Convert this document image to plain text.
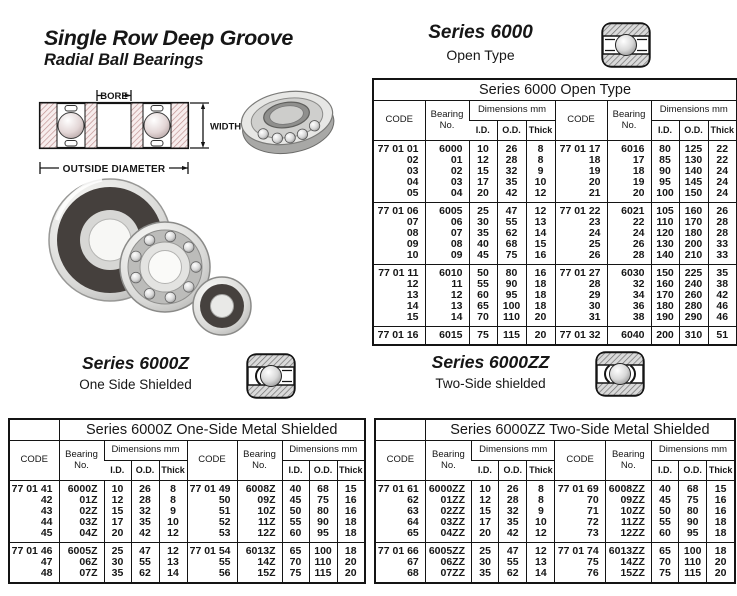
Single Row Deep Groove
Radial Ball Bearings
Series 6000
Open Type
BORE
WIDTH
OUTSIDE DIAMETER
Series 6000Z
One Side Shielded
Series 6000ZZ
Two-Side shielded
Series 6000 Open Type									
CODE	Bearing
No.
	Dimensions mm	CODE	Bearing
No.
	Dimensions mm
		I.D.	O.D.	Thick			I.D.	O.D.	Thick
77 01 01	6000	10	26	8	77 01 17	6016	80	125	22
02	01	12	28	8	18	17	85	130	22
03	02	15	32	9	19	18	90	140	24
04	03	17	35	10	20	19	95	145	24
05	04	20	42	12	21	20	100	150	24
77 01 06	6005	25	47	12	77 01 22	6021	105	160	26
07	06	30	55	13	23	22	110	170	28
08	07	35	62	14	24	24	120	180	28
09	08	40	68	15	25	26	130	200	33
10	09	45	75	16	26	28	140	210	33
77 01 11	6010	50	80	16	77 01 27	6030	150	225	35
12	11	55	90	18	28	32	160	240	38
13	12	60	95	18	29	34	170	260	42
14	13	65	100	18	30	36	180	280	46
15	14	70	110	20	31	38	190	290	46
77 01 16	6015	75	115	20	77 01 32	6040	200	310	51
	Series 6000Z One-Side Metal Shielded								
CODE	Bearing
No.
	Dimensions mm	CODE	Bearing
No.
	Dimensions mm
		I.D.	O.D.	Thick			I.D.	O.D.	Thick
77 01 41	6000Z	10	26	8	77 01 49	6008Z	40	68	15
42	01Z	12	28	8	50	09Z	45	75	16
43	02Z	15	32	9	51	10Z	50	80	16
44	03Z	17	35	10	52	11Z	55	90	18
45	04Z	20	42	12	53	12Z	60	95	18
77 01 46	6005Z	25	47	12	77 01 54	6013Z	65	100	18
47	06Z	30	55	13	55	14Z	70	110	20
48	07Z	35	62	14	56	15Z	75	115	20
	Series 6000ZZ Two-Side Metal Shielded								
CODE	Bearing
No.
	Dimensions mm	CODE	Bearing
No.
	Dimensions mm
		I.D.	O.D.	Thick			I.D.	O.D.	Thick
77 01 61	6000ZZ	10	26	8	77 01 69	6008ZZ	40	68	15
62	01ZZ	12	28	8	70	09ZZ	45	75	16
63	02ZZ	15	32	9	71	10ZZ	50	80	16
64	03ZZ	17	35	10	72	11ZZ	55	90	18
65	04ZZ	20	42	12	73	12ZZ	60	95	18
77 01 66	6005ZZ	25	47	12	77 01 74	6013ZZ	65	100	18
67	06ZZ	30	55	13	75	14ZZ	70	110	20
68	07ZZ	35	62	14	76	15ZZ	75	115	20
